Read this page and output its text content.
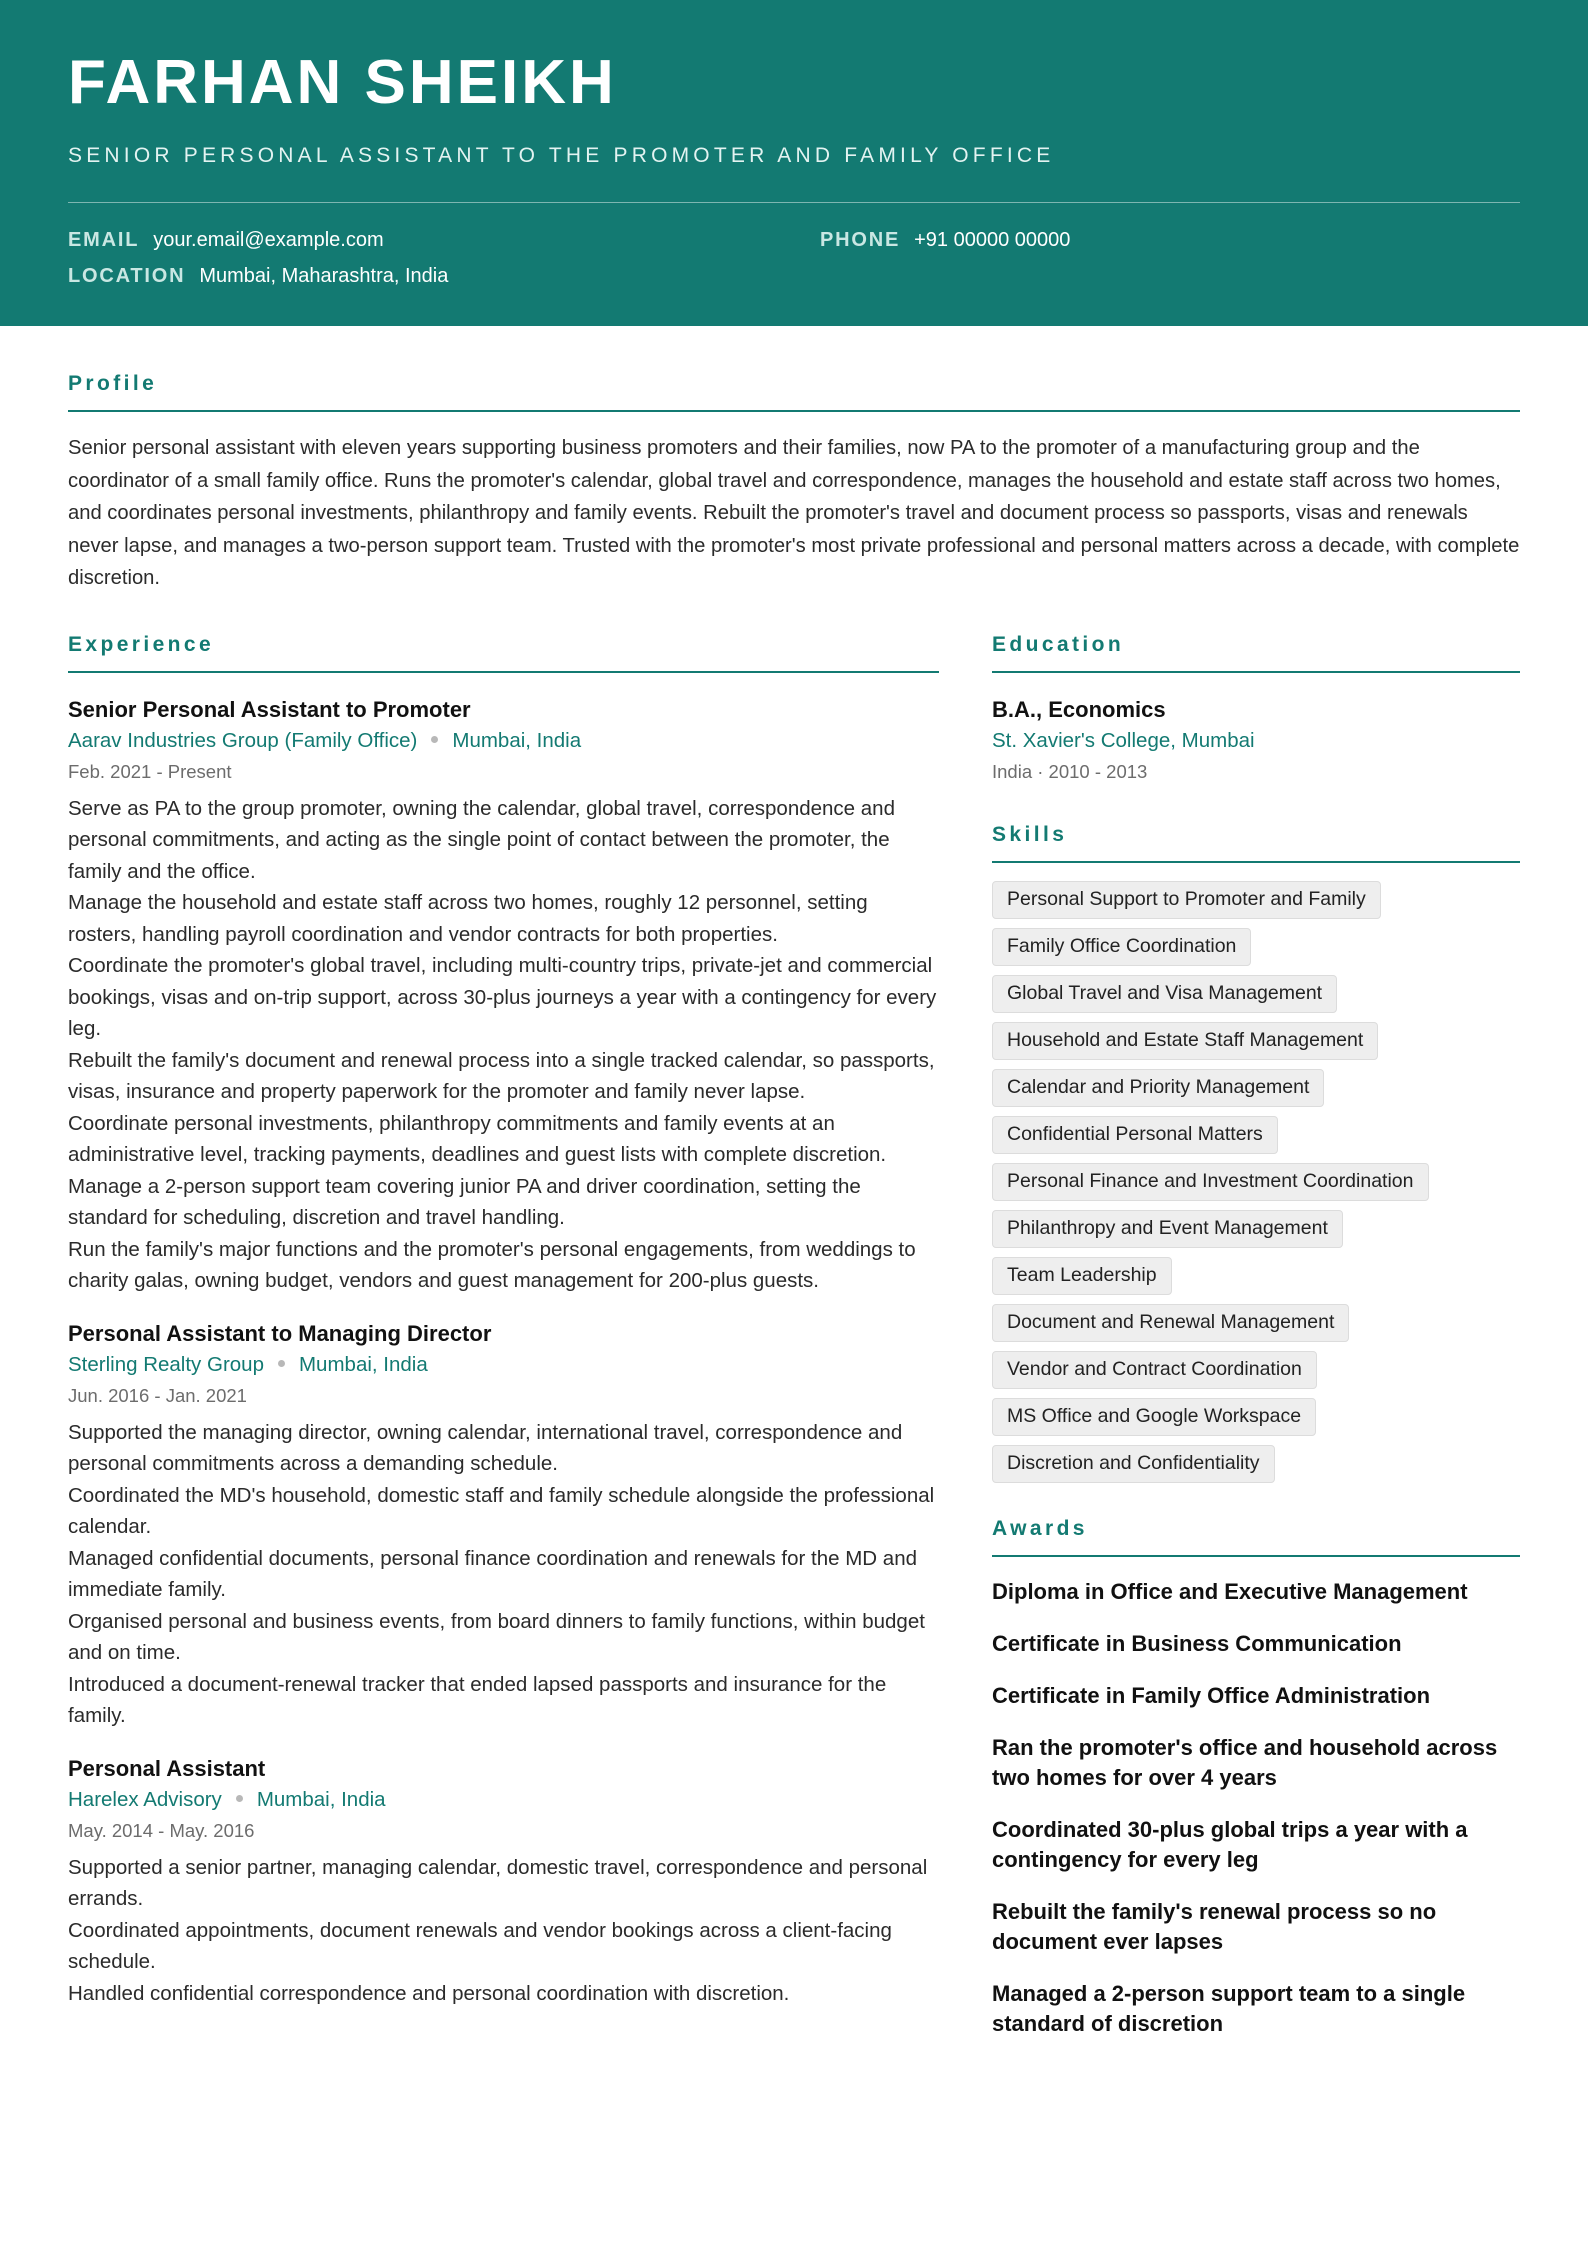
FARHAN SHEIKH
SENIOR PERSONAL ASSISTANT TO THE PROMOTER AND FAMILY OFFICE
EMAIL your.email@example.com	PHONE +91 00000 00000
LOCATION Mumbai, Maharashtra, India
Profile

Senior personal assistant with eleven years supporting business promoters and their families, now PA to the promoter of a manufacturing group and the coordinator of a small family office. Runs the promoter's calendar, global travel and correspondence, manages the household and estate staff across two homes, and coordinates personal investments, philanthropy and family events. Rebuilt the promoter's travel and document process so passports, visas and renewals never lapse, and manages a two-person support team. Trusted with the promoter's most private professional and personal matters across a decade, with complete discretion.

Experience
Senior Personal Assistant to Promoter
Aarav Industries Group (Family Office) Mumbai, India
Feb. 2021 - Present

Serve as PA to the group promoter, owning the calendar, global travel, correspondence and personal commitments, and acting as the single point of contact between the promoter, the family and the office.

Manage the household and estate staff across two homes, roughly 12 personnel, setting rosters, handling payroll coordination and vendor contracts for both properties.

Coordinate the promoter's global travel, including multi-country trips, private-jet and commercial bookings, visas and on-trip support, across 30-plus journeys a year with a contingency for every leg.

Rebuilt the family's document and renewal process into a single tracked calendar, so passports, visas, insurance and property paperwork for the promoter and family never lapse.

Coordinate personal investments, philanthropy commitments and family events at an administrative level, tracking payments, deadlines and guest lists with complete discretion.

Manage a 2-person support team covering junior PA and driver coordination, setting the standard for scheduling, discretion and travel handling.

Run the family's major functions and the promoter's personal engagements, from weddings to charity galas, owning budget, vendors and guest management for 200-plus guests.

Personal Assistant to Managing Director
Sterling Realty Group Mumbai, India
Jun. 2016 - Jan. 2021

Supported the managing director, owning calendar, international travel, correspondence and personal commitments across a demanding schedule.

Coordinated the MD's household, domestic staff and family schedule alongside the professional calendar.

Managed confidential documents, personal finance coordination and renewals for the MD and immediate family.

Organised personal and business events, from board dinners to family functions, within budget and on time.

Introduced a document-renewal tracker that ended lapsed passports and insurance for the family.

Personal Assistant
Harelex Advisory Mumbai, India
May. 2014 - May. 2016

Supported a senior partner, managing calendar, domestic travel, correspondence and personal errands.

Coordinated appointments, document renewals and vendor bookings across a client-facing schedule.

Handled confidential correspondence and personal coordination with discretion.

Education
B.A., Economics
St. Xavier's College, Mumbai
India · 2010 - 2013
Skills
Personal Support to Promoter and Family
Family Office Coordination
Global Travel and Visa Management
Household and Estate Staff Management
Calendar and Priority Management
Confidential Personal Matters
Personal Finance and Investment Coordination
Philanthropy and Event Management
Team Leadership
Document and Renewal Management
Vendor and Contract Coordination
MS Office and Google Workspace
Discretion and Confidentiality
Awards
Diploma in Office and Executive Management
Certificate in Business Communication
Certificate in Family Office Administration
Ran the promoter's office and household across two homes for over 4 years
Coordinated 30-plus global trips a year with a contingency for every leg
Rebuilt the family's renewal process so no document ever lapses
Managed a 2-person support team to a single standard of discretion
